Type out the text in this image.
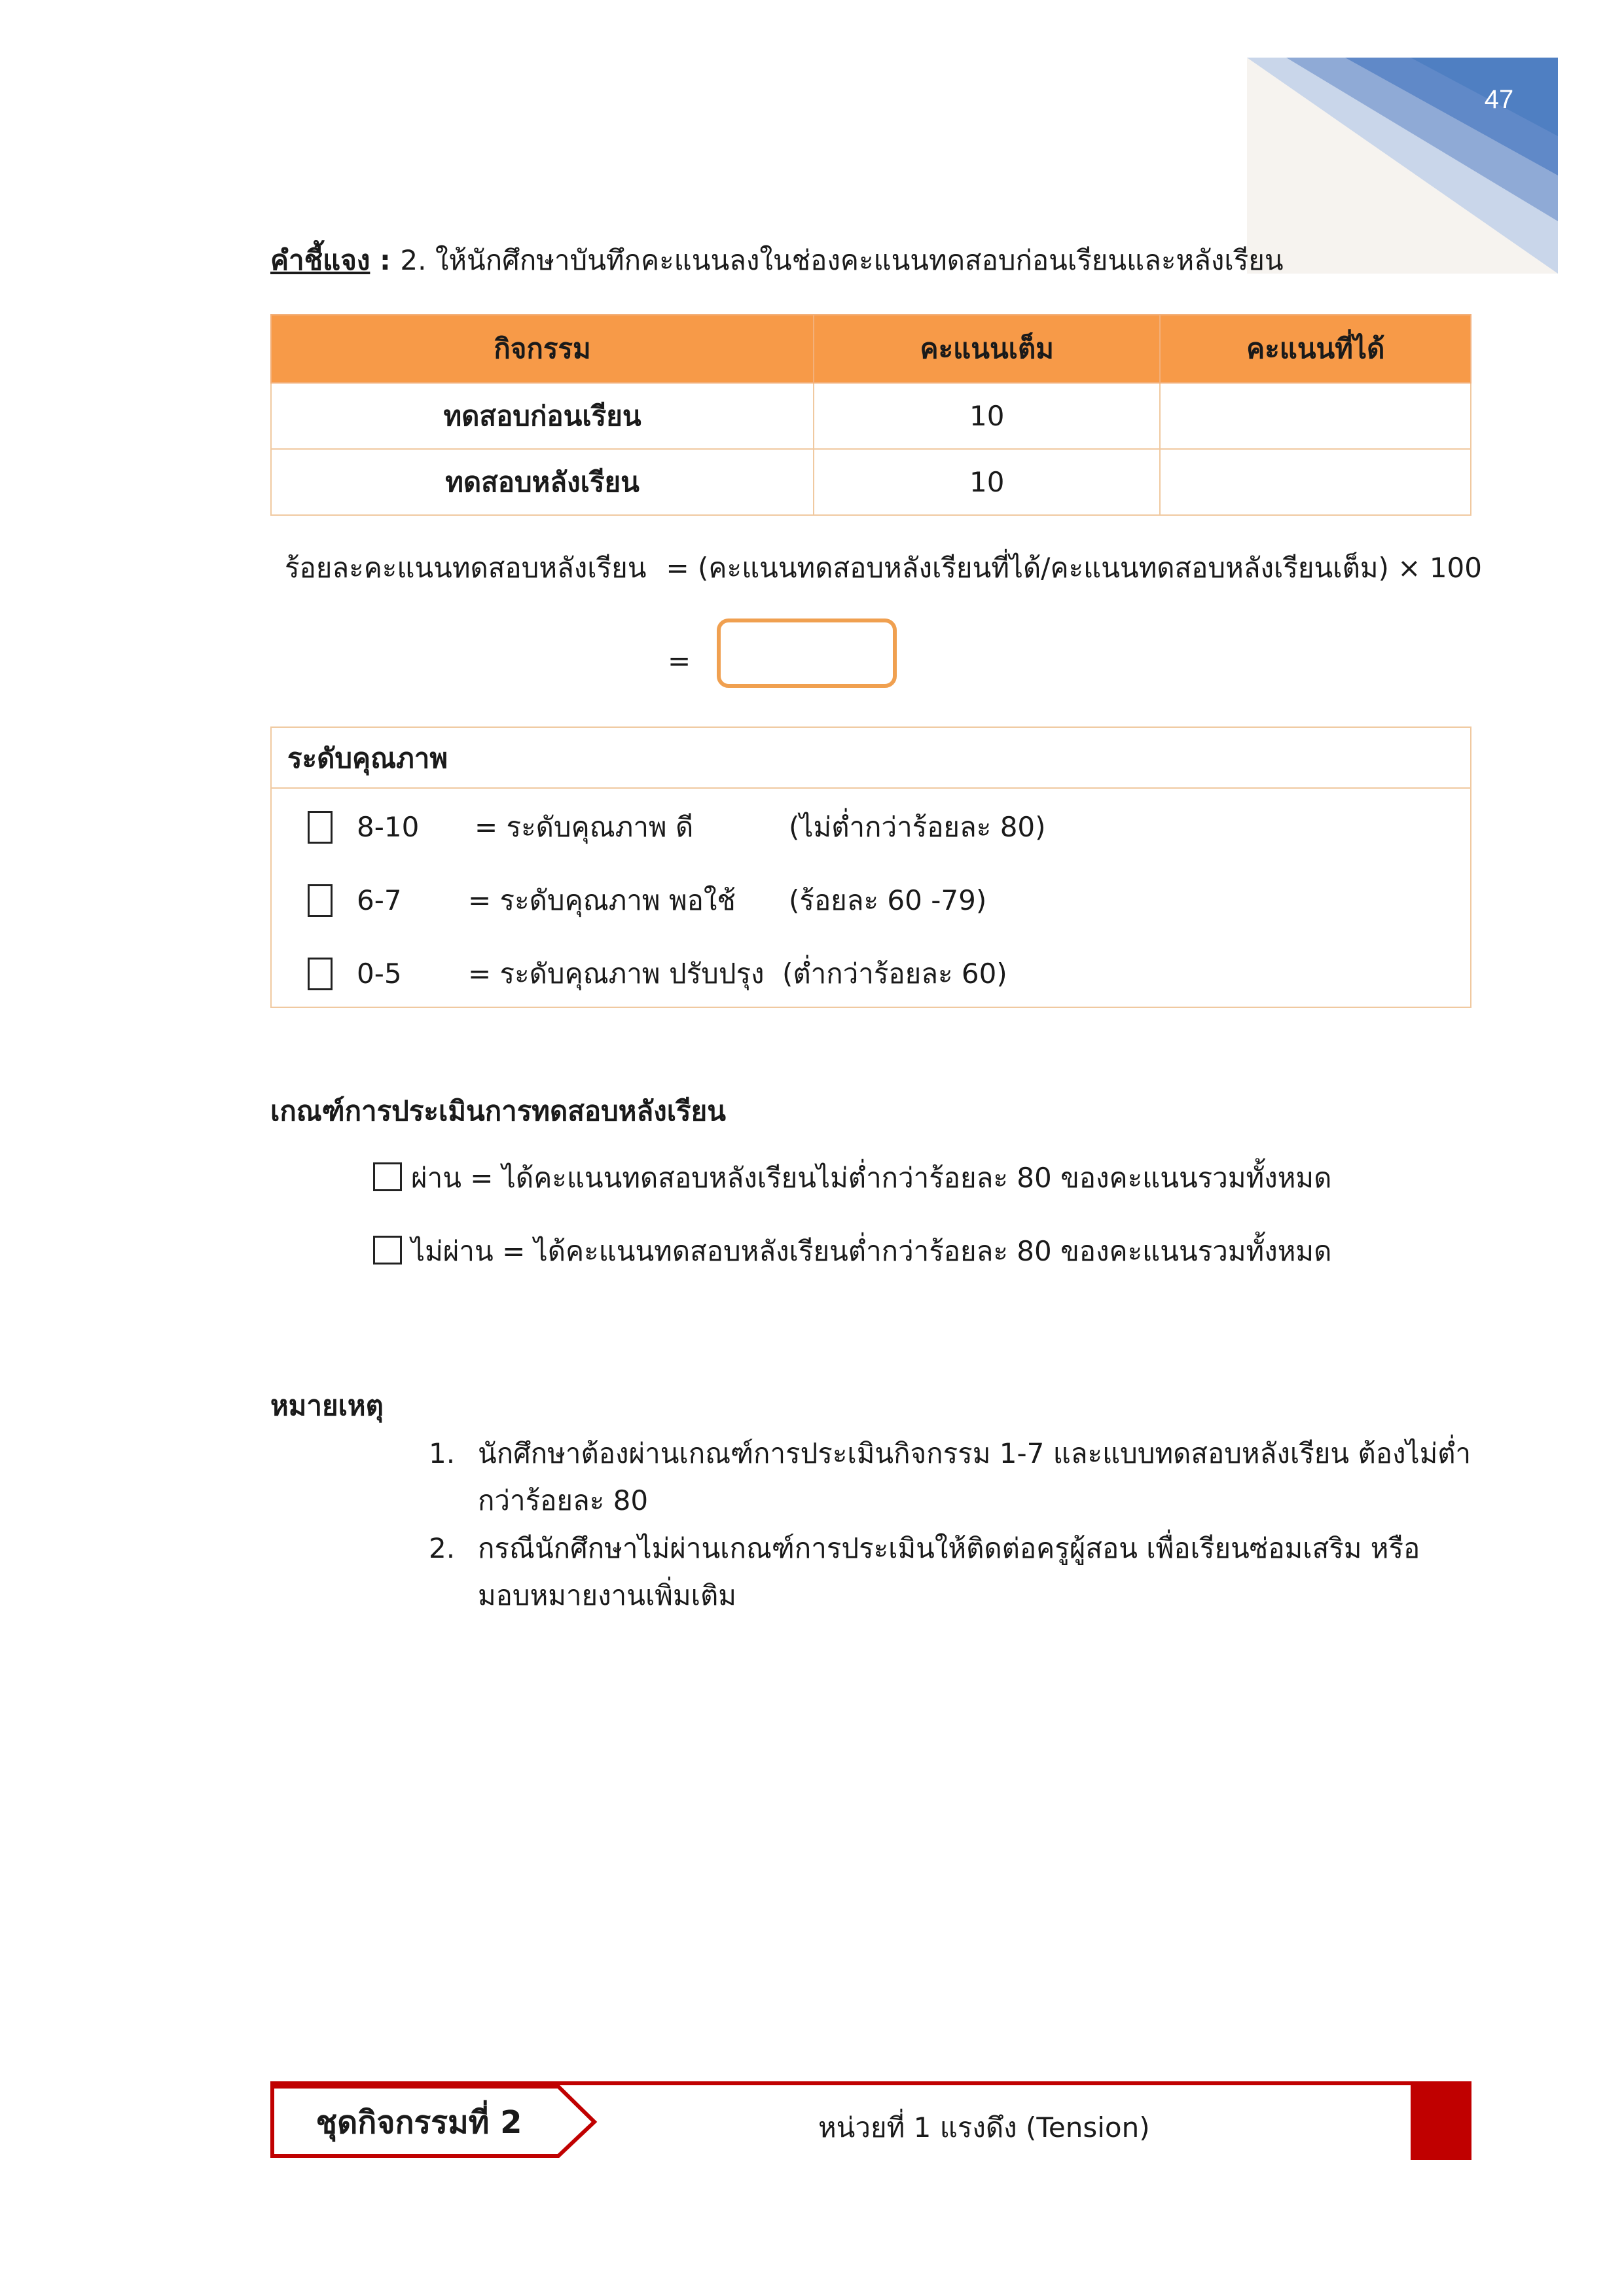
47
คำชี้แจง : 2. ให้นักศึกษาบันทึกคะแนนลงในช่องคะแนนทดสอบก่อนเรียนและหลังเรียน
กิจกรรม	คะแนนเต็ม	คะแนนที่ได้
ทดสอบก่อนเรียน	10	
ทดสอบหลังเรียน	10	
ร้อยละคะแนนทดสอบหลังเรียน = (คะแนนทดสอบหลังเรียนที่ได้/คะแนนทดสอบหลังเรียนเต็ม) × 100
=
ระดับคุณภาพ
8-10 = ระดับคุณภาพ ดี	(ไม่ต่ำกว่าร้อยละ 80)
6-7 = ระดับคุณภาพ พอใช้ (ร้อยละ 60 -79)
0-5 = ระดับคุณภาพ ปรับปรุง (ต่ำกว่าร้อยละ 60)
เกณฑ์การประเมินการทดสอบหลังเรียน
ผ่าน = ได้คะแนนทดสอบหลังเรียนไม่ต่ำกว่าร้อยละ 80 ของคะแนนรวมทั้งหมด
ไม่ผ่าน = ได้คะแนนทดสอบหลังเรียนต่ำกว่าร้อยละ 80 ของคะแนนรวมทั้งหมด
หมายเหตุ
1. นักศึกษาต้องผ่านเกณฑ์การประเมินกิจกรรม 1-7 และแบบทดสอบหลังเรียน ต้องไม่ต่ำ
กว่าร้อยละ 80
2. กรณีนักศึกษาไม่ผ่านเกณฑ์การประเมินให้ติดต่อครูผู้สอน เพื่อเรียนซ่อมเสริม หรือ
มอบหมายงานเพิ่มเติม
ชุดกิจกรรมที่ 2	หน่วยที่ 1 แรงดึง (Tension)
